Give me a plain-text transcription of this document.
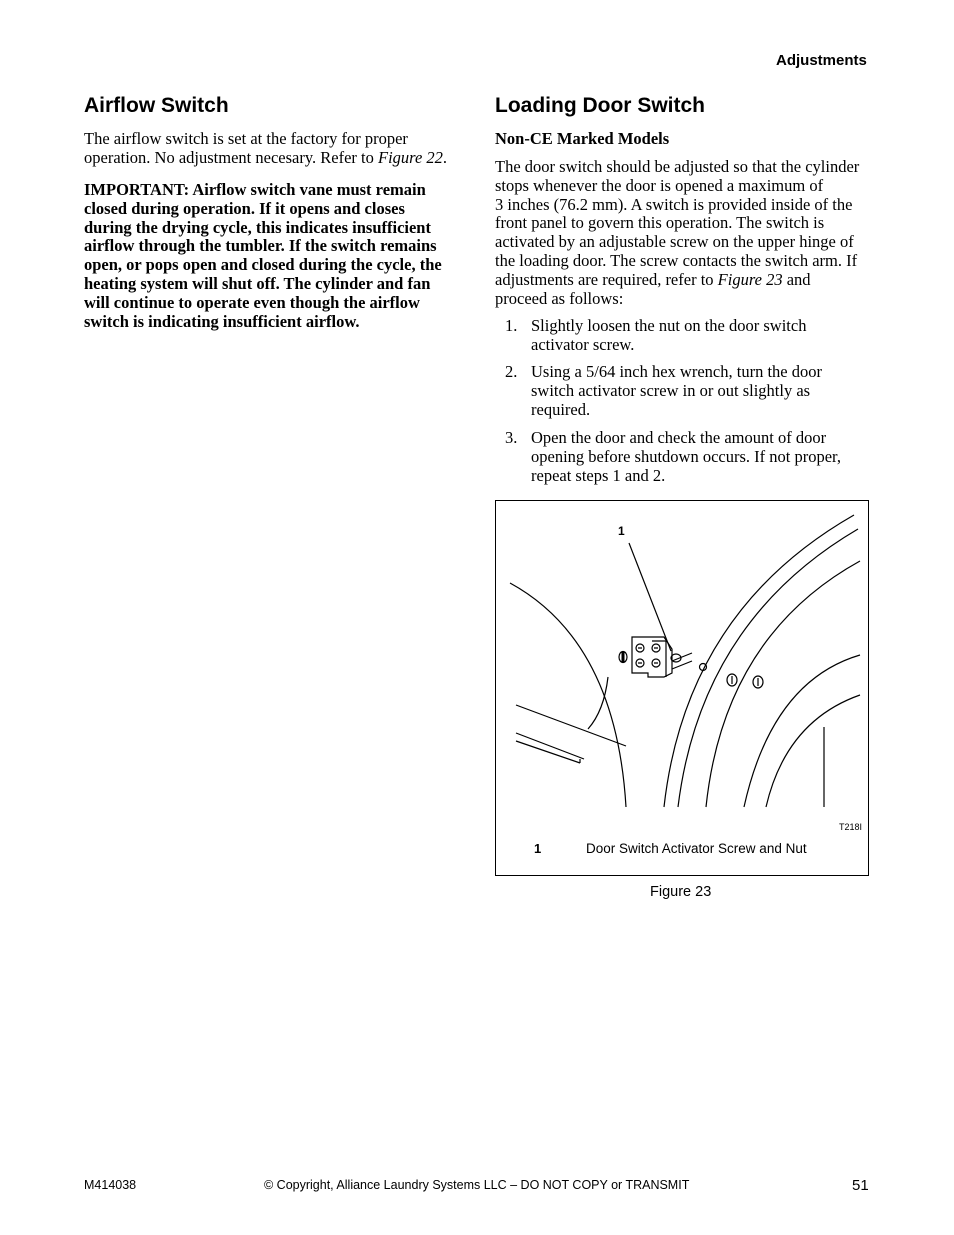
Adjustments
Airflow Switch
The airflow switch is set at the factory for proper
operation. No adjustment necesary. Refer to Figure 22.
IMPORTANT: Airflow switch vane must remain
closed during operation. If it opens and closes
during the drying cycle, this indicates insufficient
airflow through the tumbler. If the switch remains
open, or pops open and closed during the cycle, the
heating system will shut off. The cylinder and fan
will continue to operate even though the airflow
switch is indicating insufficient airflow.
Loading Door Switch
Non-CE Marked Models
The door switch should be adjusted so that the cylinder
stops whenever the door is opened a maximum of
3 inches (76.2 mm). A switch is provided inside of the
front panel to govern this operation. The switch is
activated by an adjustable screw on the upper hinge of
the loading door. The screw contacts the switch arm. If
adjustments are required, refer to Figure 23 and
proceed as follows:
1. Slightly loosen the nut on the door switch
activator screw.
2. Using a 5/64 inch hex wrench, turn the door
switch activator screw in or out slightly as
required.
3. Open the door and check the amount of door
opening before shutdown occurs. If not proper,
repeat steps 1 and 2.
1
T218I
1	Door Switch Activator Screw and Nut
Figure 23
M414038	© Copyright, Alliance Laundry Systems LLC – DO NOT COPY or TRANSMIT	51
